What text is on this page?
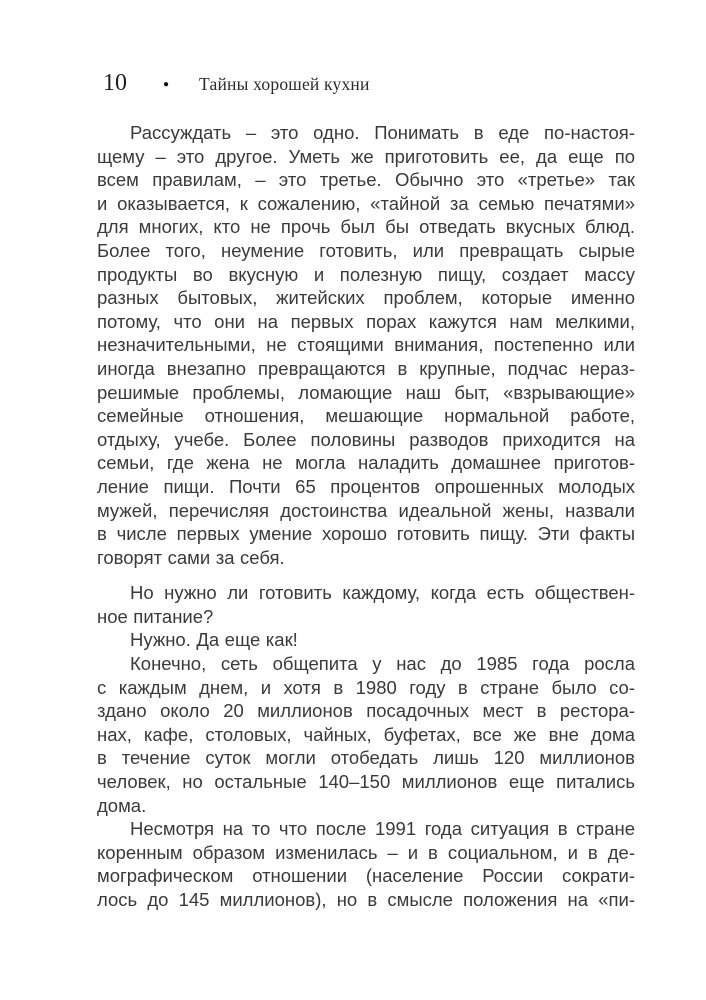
10	● Тайны хорошей кухни
Рассуждать – это одно. Понимать в еде по-настоя-
щему – это другое. Уметь же приготовить ее, да еще по
всем правилам, – это третье. Обычно это «третье» так
и оказывается, к сожалению, «тайной за семью печатями»
для многих, кто не прочь был бы отведать вкусных блюд.
Более того, неумение готовить, или превращать сырые
продукты во вкусную и полезную пищу, создает массу
разных бытовых, житейских проблем, которые именно
потому, что они на первых порах кажутся нам мелкими,
незначительными, не стоящими внимания, постепенно или
иногда внезапно превращаются в крупные, подчас нераз-
решимые проблемы, ломающие наш быт, «взрывающие»
семейные отношения, мешающие нормальной работе,
отдыху, учебе. Более половины разводов приходится на
семьи, где жена не могла наладить домашнее приготов-
ление пищи. Почти 65 процентов опрошенных молодых
мужей, перечисляя достоинства идеальной жены, назвали
в числе первых умение хорошо готовить пищу. Эти факты
говорят сами за себя.
Но нужно ли готовить каждому, когда есть обществен-
ное питание?
Нужно. Да еще как!
Конечно, сеть общепита у нас до 1985 года росла
с каждым днем, и хотя в 1980 году в стране было со-
здано около 20 миллионов посадочных мест в рестора-
нах, кафе, столовых, чайных, буфетах, все же вне дома
в течение суток могли отобедать лишь 120 миллионов
человек, но остальные 140–150 миллионов еще питались
дома.
Несмотря на то что после 1991 года ситуация в стране
коренным образом изменилась – и в социальном, и в де-
мографическом отношении (население России сократи-
лось до 145 миллионов), но в смысле положения на «пи-
